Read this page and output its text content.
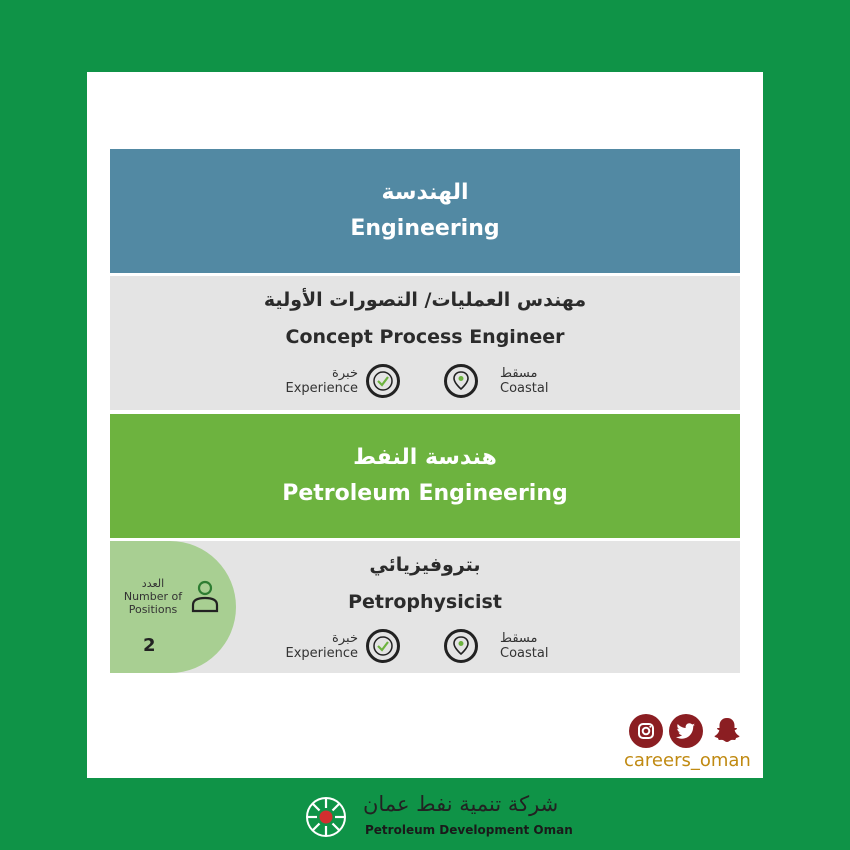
الهندسة
Engineering
مهندس العمليات/ التصورات الأولية
Concept Process Engineer
خبرة
Experience
مسقط
Coastal
هندسة النفط
Petroleum Engineering
العدد
Number of Positions
2
بتروفيزيائي
Petrophysicist
خبرة
Experience
مسقط
Coastal
careers_oman
شركة تنمية نفط عمان
Petroleum Development Oman
